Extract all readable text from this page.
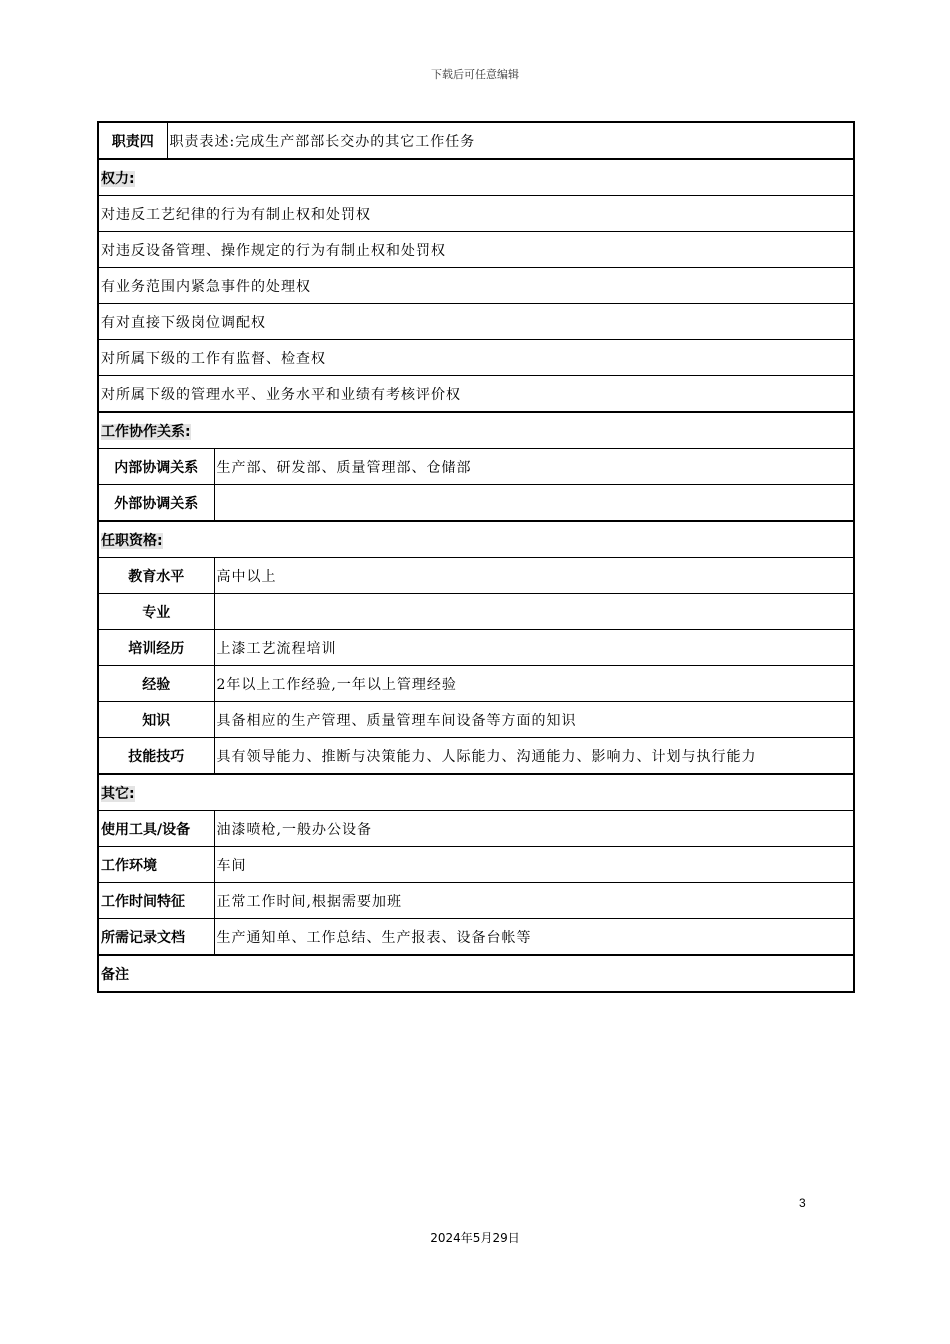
下载后可任意编辑
职责四	职责表述:完成生产部部长交办的其它工作任务	
权力:		
对违反工艺纪律的行为有制止权和处罚权		
对违反设备管理、操作规定的行为有制止权和处罚权		
有业务范围内紧急事件的处理权		
有对直接下级岗位调配权		
对所属下级的工作有监督、检查权		
对所属下级的管理水平、业务水平和业绩有考核评价权		
工作协作关系:		
内部协调关系		生产部、研发部、质量管理部、仓储部
外部协调关系		
任职资格:		
教育水平		高中以上
专业		
培训经历		上漆工艺流程培训
经验		2年以上工作经验,一年以上管理经验
知识		具备相应的生产管理、质量管理车间设备等方面的知识
技能技巧		具有领导能力、推断与决策能力、人际能力、沟通能力、影响力、计划与执行能力
其它:		
使用工具/设备		油漆喷枪,一般办公设备
工作环境		车间
工作时间特征		正常工作时间,根据需要加班
所需记录文档		生产通知单、工作总结、生产报表、设备台帐等
备注		
3
2024年5月29日
